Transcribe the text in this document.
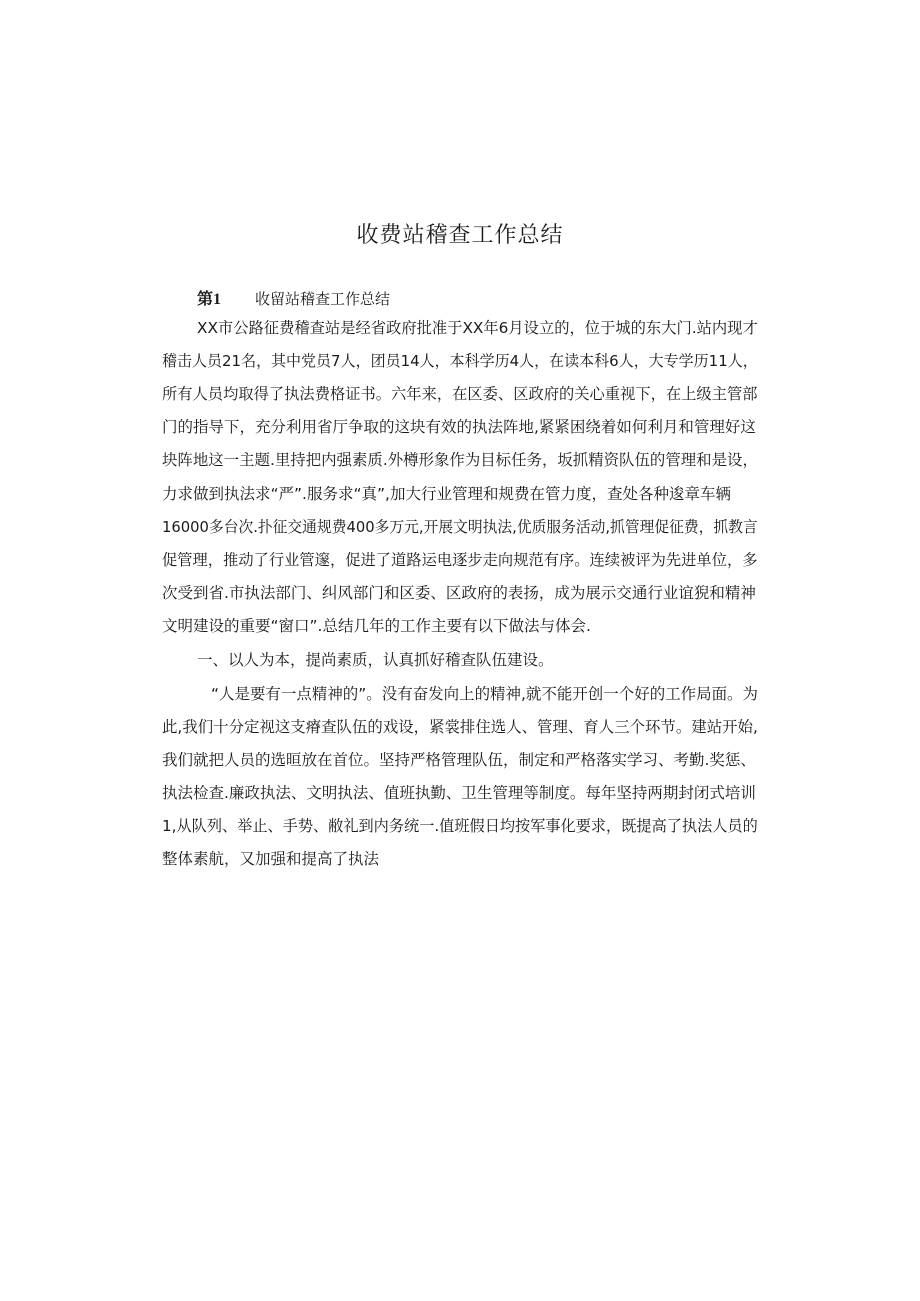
收费站稽查工作总结
第1 收留站稽查工作总结
XX市公路征费稽查站是经省政府批准于XX年6月设立的，位于城的东大门.站内现才
稽击人员21名，其中党员7人，团员14人，本科学历4人，在读本科6人，大专学历11人，
所有人员均取得了执法费格证书。六年来，在区委、区政府的关心重视下，在上级主管部
门的指导下，充分利用省厅争取的这块有效的执法阵地,紧紧困绕着如何利月和管理好这
块阵地这一主题.里持把内强素质.外樽形象作为目标任务，坂抓精资队伍的管理和是设，
力求做到执法求“严”.服务求“真”,加大行业管理和规费在管力度，查处各种逡章车辆
16000多台次.扑征交通规费400多万元,开展文明执法,优质服务活动,抓管理促征费，抓教言
促管理，推动了行业管邃，促进了道路运电逐步走向规范有序。连续被评为先进单位，多
次受到省.市执法部门、纠风部门和区委、区政府的表扬，成为展示交通行业谊猊和精神
文明建设的重要“窗口”.总结几年的工作主要有以下做法与体会.
一、以人为本，提尚素质，认真抓好稽查队伍建设。
“人是要有一点精神的”。没有奋发向上的精神,就不能开创一个好的工作局面。为
此,我们十分定视这支瘠查队伍的戏设，紧裳排住选人、管理、育人三个环节。建站开始,
我们就把人员的选晅放在首位。坚持严格管理队伍，制定和严格落实学习、考勤.奖惩、
执法检查.廉政执法、文明执法、值班执勤、卫生管理等制度。每年坚持两期封闭式培训
1,从队列、举止、手势、敝礼到内务统一.值班假日均按军事化要求，既提高了执法人员的
整体素航，又加强和提高了执法
